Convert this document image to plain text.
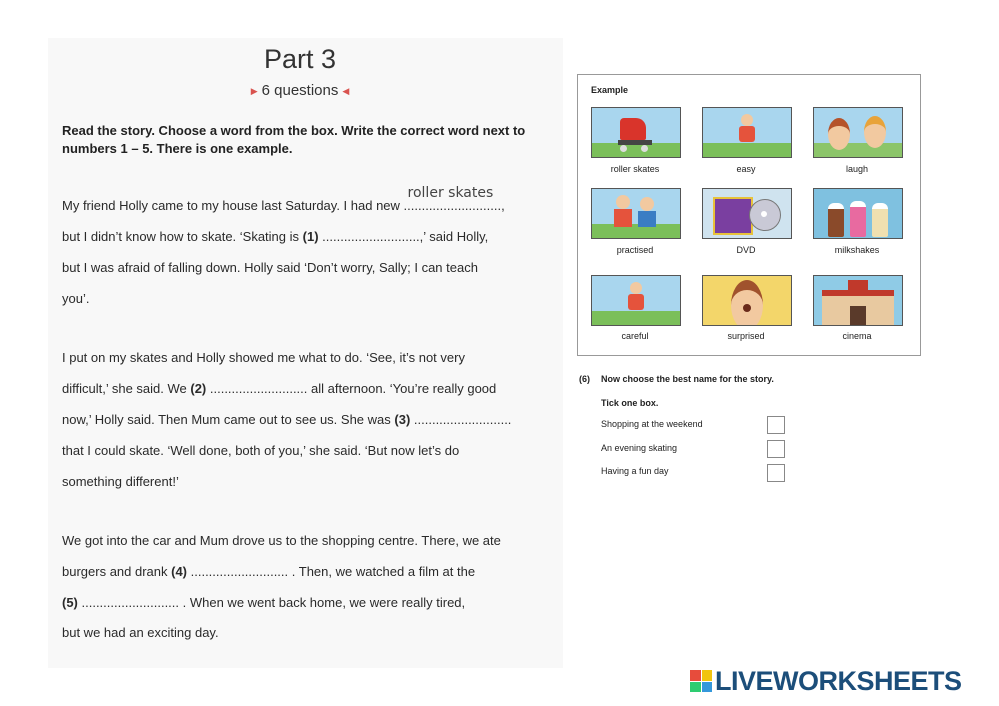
Part 3
▶ 6 questions ◀
Read the story. Choose a word from the box. Write the correct word next to numbers 1 – 5. There is one example.
My friend Holly came to my house last Saturday. I had new
roller skates
...........................,
but I didn’t know how to skate. ‘Skating is (1) ...........................,’ said Holly,
but I was afraid of falling down. Holly said ‘Don’t worry, Sally; I can teach
you’.
I put on my skates and Holly showed me what to do. ‘See, it’s not very
difficult,’ she said. We (2) ........................... all afternoon. ‘You’re really good
now,’ Holly said. Then Mum came out to see us. She was (3) ...........................
that I could skate. ‘Well done, both of you,’ she said. ‘But now let’s do
something different!’
We got into the car and Mum drove us to the shopping centre. There, we ate
burgers and drank (4) ........................... . Then, we watched a film at the
(5) ........................... . When we went back home, we were really tired,
but we had an exciting day.
Example
roller skates	easy	laugh
practised	DVD	milkshakes
careful	surprised	cinema
(6) Now choose the best name for the story.
Tick one box.
Shopping at the weekend
An evening skating
Having a fun day
LIVEWORKSHEETS
